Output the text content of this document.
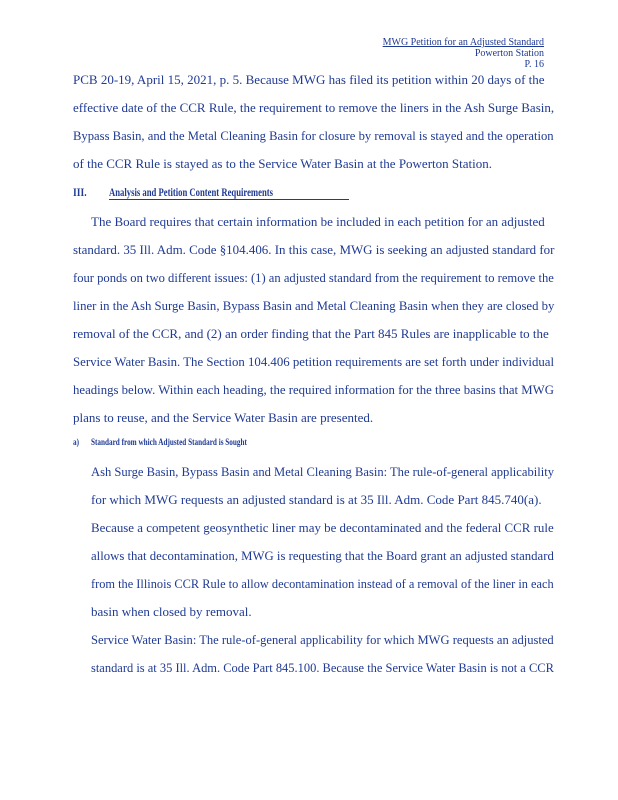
MWG Petition for an Adjusted Standard
Powerton Station
P. 16
PCB 20-19, April 15, 2021, p. 5. Because MWG has filed its petition within 20 days of the
effective date of the CCR Rule, the requirement to remove the liners in the Ash Surge Basin,
Bypass Basin, and the Metal Cleaning Basin for closure by removal is stayed and the operation
of the CCR Rule is stayed as to the Service Water Basin at the Powerton Station.
III. Analysis and Petition Content Requirements
The Board requires that certain information be included in each petition for an adjusted
standard. 35 Ill. Adm. Code §104.406. In this case, MWG is seeking an adjusted standard for
four ponds on two different issues: (1) an adjusted standard from the requirement to remove the
liner in the Ash Surge Basin, Bypass Basin and Metal Cleaning Basin when they are closed by
removal of the CCR, and (2) an order finding that the Part 845 Rules are inapplicable to the
Service Water Basin. The Section 104.406 petition requirements are set forth under individual
headings below. Within each heading, the required information for the three basins that MWG
plans to reuse, and the Service Water Basin are presented.
a) Standard from which Adjusted Standard is Sought
Ash Surge Basin, Bypass Basin and Metal Cleaning Basin: The rule-of-general applicability
for which MWG requests an adjusted standard is at 35 Ill. Adm. Code Part 845.740(a).
Because a competent geosynthetic liner may be decontaminated and the federal CCR rule
allows that decontamination, MWG is requesting that the Board grant an adjusted standard
from the Illinois CCR Rule to allow decontamination instead of a removal of the liner in each
basin when closed by removal.
Service Water Basin: The rule-of-general applicability for which MWG requests an adjusted
standard is at 35 Ill. Adm. Code Part 845.100. Because the Service Water Basin is not a CCR
